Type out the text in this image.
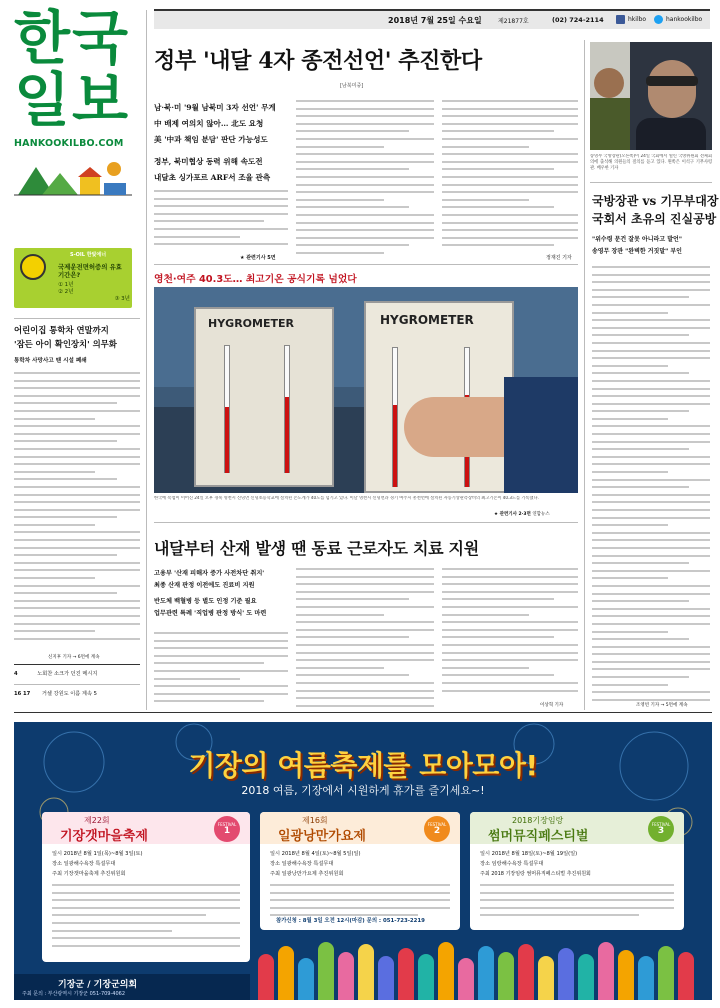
한국
일보
HANKOOKILBO.COM
S-OIL 한빛에너
국제운전면허증의 유효기간은?
① 1년
② 2년
③ 3년
2018년 7월 25일 수요일	제21877호	(02) 724-2114	hkilbo	hankookilbo
정부 '내달 4자 종전선언' 추진한다
[남북미중]
남·북·미 '9월 남북미 3자 선언' 무게
中 배제 여의치 않아… 北도 요청
美 '中과 책임 분담' 판단 가능성도
정부, 북미협상 동력 위해 속도전
내달초 싱가포르 ARF서 조율 관측
★ 관련기사 5면	정재진 기자
송영무 국방장관(오른쪽)이 24일 국회에서 열린 국방위원회 전체회의에 출석해 의원들의 질의를 듣고 있다. 왼쪽은 이석구 기무사령관. 배우한 기자
국방장관 vs 기무부대장
국회서 초유의 진실공방
"위수령 문건 잘못 아니라고 발언"
송영무 장관 "완벽한 거짓말" 부인
조영빈 기자 → 5면에 계속
영천·여주 40.3도… 최고기온 공식기록 넘었다
HYGROMETER	HYGROMETER
한국에 폭염이 이어진 24일 오후 경북 영천시 신녕면 신녕초등학교에 설치된 온도계가 40도를 넘기고 있다. 이날 영천시 신녕면과 경기 여주시 흥천면에 설치된 자동기상관측장비의 최고기온이 40.3도를 기록했다.
★ 관련기사 2·3면 연합뉴스
내달부터 산재 발생 땐 동료 근로자도 치료 지원
고용부 '산재 피해자 증가 사전차단 취지'
최종 산재 판정 이전에도 진료비 지원
반도체 백혈병 등 별도 인정 기준 필요
업무관련 특례 '직업병 판정 방식' 도 마련
이상혁 기자
어린이집 통학차 연말까지
'잠든 아이 확인장치' 의무화
통학차 사망사고 땐 시설 폐쇄
신지후 기자 → 6면에 계속
4	노회찬 소크가 던진 메시지
16 17 거셀 강원도 이름 계속 5
기장의 여름축제를 모아모아!
2018 여름, 기장에서 시원하게 휴가를 즐기세요~!
제22회
기장갯마을축제
FESTIVAL
1
일시 2018년 8월 1일(목)~8월 3일(토)
장소 일광해수욕장 특설무대
주최 기장갯마을축제 추진위원회
제16회
일광낭만가요제
FESTIVAL
2
일시 2018년 8월 4일(토)~8월 5일(일)
장소 일광해수욕장 특설무대
주최 일광낭만가요제 추진위원회
2018기장임랑
썸머뮤직페스티벌
FESTIVAL
3
일시 2018년 8월 18일(토)~8월 19일(일)
장소 임랑해수욕장 특설무대
주최 2018 기장임랑 썸머뮤직페스티벌 추진위원회
참가신청 : 8월 3일 오전 12시(마감) 문의 : 051-723-2219
기장군 / 기장군의회
주최 문의 : 부산광역시 기장군 051-709-4062
